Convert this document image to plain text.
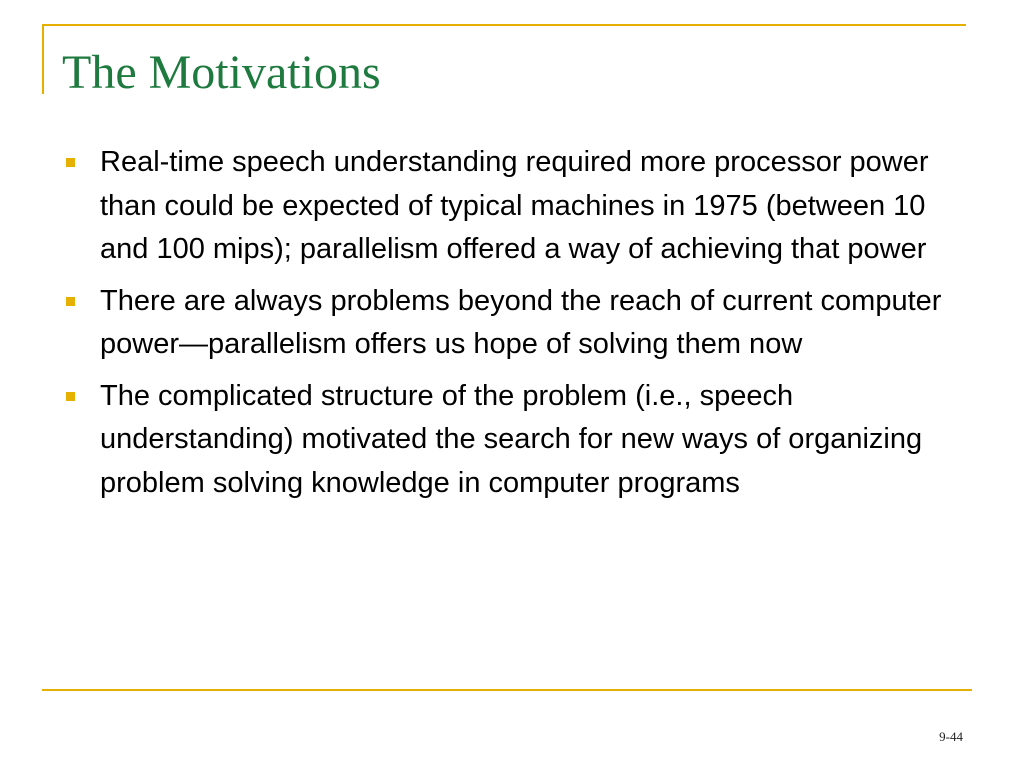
The Motivations
Real-time speech understanding required more processor power than could be expected of typical machines in 1975 (between 10 and 100 mips); parallelism offered a way of achieving that power
There are always problems beyond the reach of current computer power—parallelism offers us hope of solving them now
The complicated structure of the problem (i.e., speech understanding) motivated the search for new ways of organizing problem solving knowledge in computer programs
9-44
